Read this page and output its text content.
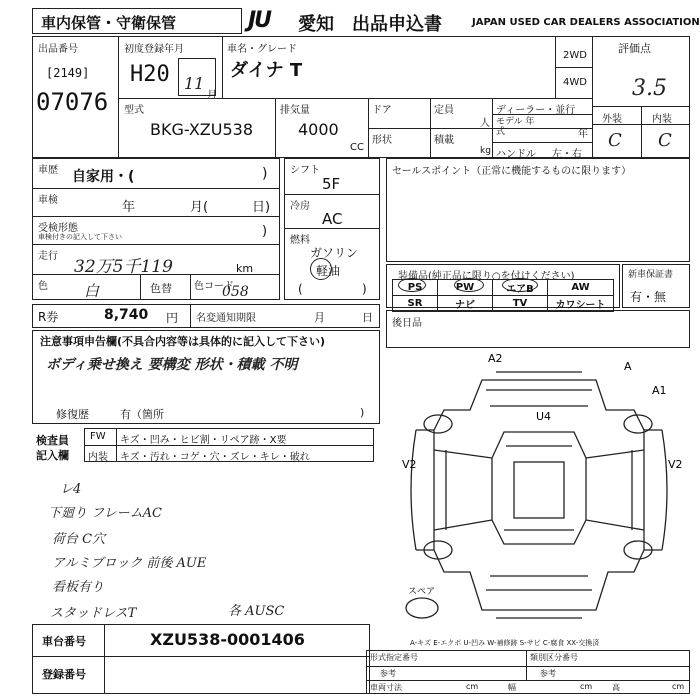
車内保管・守衛保管	JU	愛知 出品申込書	JAPAN USED CAR DEALERS ASSOCIATION
出品番号
[2149]
07076
初度登録年月
H20 11
月
車名・グレード
ダイナ T
2WD
4WD
評価点
3.5
外装	内装
C C
型式
BKG-XZU538
排気量
4000
CC
ドア	定員
人
形状	積載
kg
ディーラー・並行
モデル 年式	年
ハンドル 左・右
車歴 自家用・(	)
車検	年	月(	日)
受検形態
車検付きの記入して下さい	)
走行
32万5千119	km
色 白	色替 色コード
058
シフト
5F
冷房
AC
燃料
ガソリン
軽油
(	)
セールスポイント（正常に機能するものに限ります）
装備品(純正品に限り○を付けください)
PS	PW	エアB	AW
SR	ナビ	TV	カワシート
新車保証書
有・無
後日品
R券	8,740 円 名変通知期限	月	日
注意事項申告欄(不具合内容等は具体的に記入して下さい)
ボディ乗せ換え 要構変 形状・積載 不明
修復歴	有（箇所	)
検査員
記入欄
FW キズ・凹み・ヒビ割・リペア跡・X要
内装 キズ・汚れ・コゲ・穴・ズレ・キレ・破れ
レ4
下廻り フレームAC
荷台 C穴
アルミブロック 前後 AUE
看板有り
スタッドレスT	各 AUSC
A2
U4
V2	V2
A
A1
スペア
A-キズ E-エクボ U-凹み W-補修跡 S-サビ C-腐食 XX-交換済
車台番号	XZU538-0001406
登録番号
形式指定番号	類別区分番号
参考	参考
車両寸法	cm	幅	cm 高	cm
